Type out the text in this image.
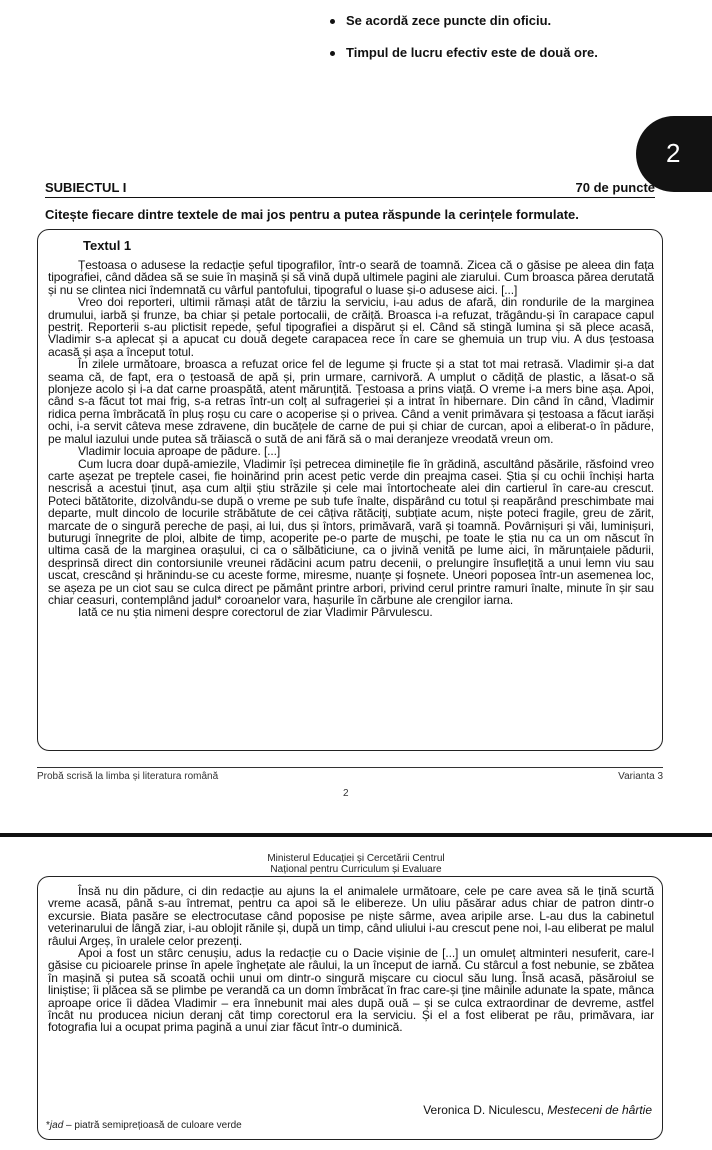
Se acordă zece puncte din oficiu.
Timpul de lucru efectiv este de două ore.
2
SUBIECTUL I	70 de puncte
Citește fiecare dintre textele de mai jos pentru a putea răspunde la cerințele formulate.
Textul 1

Țestoasa o adusese la redacție șeful tipografilor, într-o seară de toamnă. Zicea că o găsise pe aleea din fața tipografiei, când dădea să se suie în mașină și să vină după ultimele pagini ale ziarului. Cum broasca părea derutată și nu se clintea nici îndemnată cu vârful pantofului, tipograful o luase și-o adusese aici. [...]

Vreo doi reporteri, ultimii rămași atât de târziu la serviciu, i-au adus de afară, din rondurile de la marginea drumului, iarbă și frunze, ba chiar și petale portocalii, de crăiță. Broasca i-a refuzat, trăgându-și în carapace capul pestriț. Reporterii s-au plictisit repede, șeful tipografiei a dispărut și el. Când să stingă lumina și să plece acasă, Vladimir s-a aplecat și a apucat cu două degete carapacea rece în care se ghemuia un trup viu. A dus țestoasa acasă și așa a început totul.

În zilele următoare, broasca a refuzat orice fel de legume și fructe și a stat tot mai retrasă. Vladimir și-a dat seama că, de fapt, era o țestoasă de apă și, prin urmare, carnivoră. A umplut o cădiță de plastic, a lăsat-o să plonjeze acolo și i-a dat carne proaspătă, atent mărunțită. Țestoasa a prins viață. O vreme i-a mers bine așa. Apoi, când s-a făcut tot mai frig, s-a retras într-un colț al sufrageriei și a intrat în hibernare. Din când în când, Vladimir ridica perna îmbrăcată în pluș roșu cu care o acoperise și o privea. Când a venit primăvara și țestoasa a făcut iarăși ochi, i-a servit câteva mese zdravene, din bucățele de carne de pui și chiar de curcan, apoi a eliberat-o în pădure, pe malul iazului unde putea să trăiască o sută de ani fără să o mai deranjeze vreodată vreun om.

Vladimir locuia aproape de pădure. [...]

Cum lucra doar după-amiezile, Vladimir își petrecea diminețile fie în grădină, ascultând păsările, răsfoind vreo carte așezat pe treptele casei, fie hoinărind prin acest petic verde din preajma casei. Știa și cu ochii închiși harta nescrisă a acestui ținut, așa cum alții știu străzile și cele mai întortocheate alei din cartierul în care-au crescut. Poteci bătătorite, dizolvându-se după o vreme pe sub tufe înalte, dispărând cu totul și reapărând preschimbate mai departe, mult dincolo de locurile străbătute de cei câțiva rătăciți, subțiate acum, niște poteci fragile, greu de zărit, marcate de o singură pereche de pași, ai lui, dus și întors, primăvară, vară și toamnă. Povârnișuri și văi, luminișuri, buturugi înnegrite de ploi, albite de timp, acoperite pe-o parte de mușchi, pe toate le știa nu ca un om născut în ultima casă de la marginea orașului, ci ca o sălbăticiune, ca o jivină venită pe lume aici, în mărunțaiele pădurii, desprinsă direct din contorsiunile vreunei rădăcini acum patru decenii, o prelungire însuflețită a unui lemn viu sau uscat, crescând și hrănindu-se cu aceste forme, miresme, nuanțe și foșnete. Uneori poposea într-un asemenea loc, se așeza pe un ciot sau se culca direct pe pământ printre arbori, privind cerul printre ramuri înalte, minute în șir sau chiar ceasuri, contemplând jadul* coroanelor vara, hașurile în cărbune ale crengilor iarna.

Iată ce nu știa nimeni despre corectorul de ziar Vladimir Pârvulescu.

Probă scrisă la limba și literatura română	Varianta 3
2
Ministerul Educației și Cercetării Centrul
Național pentru Curriculum și Evaluare

Însă nu din pădure, ci din redacție au ajuns la el animalele următoare, cele pe care avea să le țină scurtă vreme acasă, până s-au întremat, pentru ca apoi să le elibereze. Un uliu păsărar adus chiar de patron dintr-o excursie. Biata pasăre se electrocutase când poposise pe niște sârme, avea aripile arse. L-au dus la cabinetul veterinarului de lângă ziar, i-au oblojit rănile și, după un timp, când uliului i-au crescut pene noi, l-au eliberat pe malul râului Argeș, în uralele celor prezenți.

Apoi a fost un stârc cenușiu, adus la redacție cu o Dacie vișinie de [...] un omuleț altminteri nesuferit, care-l găsise cu picioarele prinse în apele înghețate ale râului, la un început de iarnă. Cu stârcul a fost nebunie, se zbătea în mașină și putea să scoată ochii unui om dintr-o singură mișcare cu ciocul său lung. Însă acasă, păsăroiul se liniștise; îi plăcea să se plimbe pe verandă ca un domn îmbrăcat în frac care-și ține mâinile adunate la spate, mânca aproape orice îi dădea Vladimir – era înnebunit mai ales după ouă – și se culca extraordinar de devreme, astfel încât nu producea niciun deranj cât timp corectorul era la serviciu. Și el a fost eliberat pe râu, primăvara, iar fotografia lui a ocupat prima pagină a unui ziar făcut într-o duminică.

Veronica D. Niculescu, Mesteceni de hârtie
*jad – piatră semiprețioasă de culoare verde
